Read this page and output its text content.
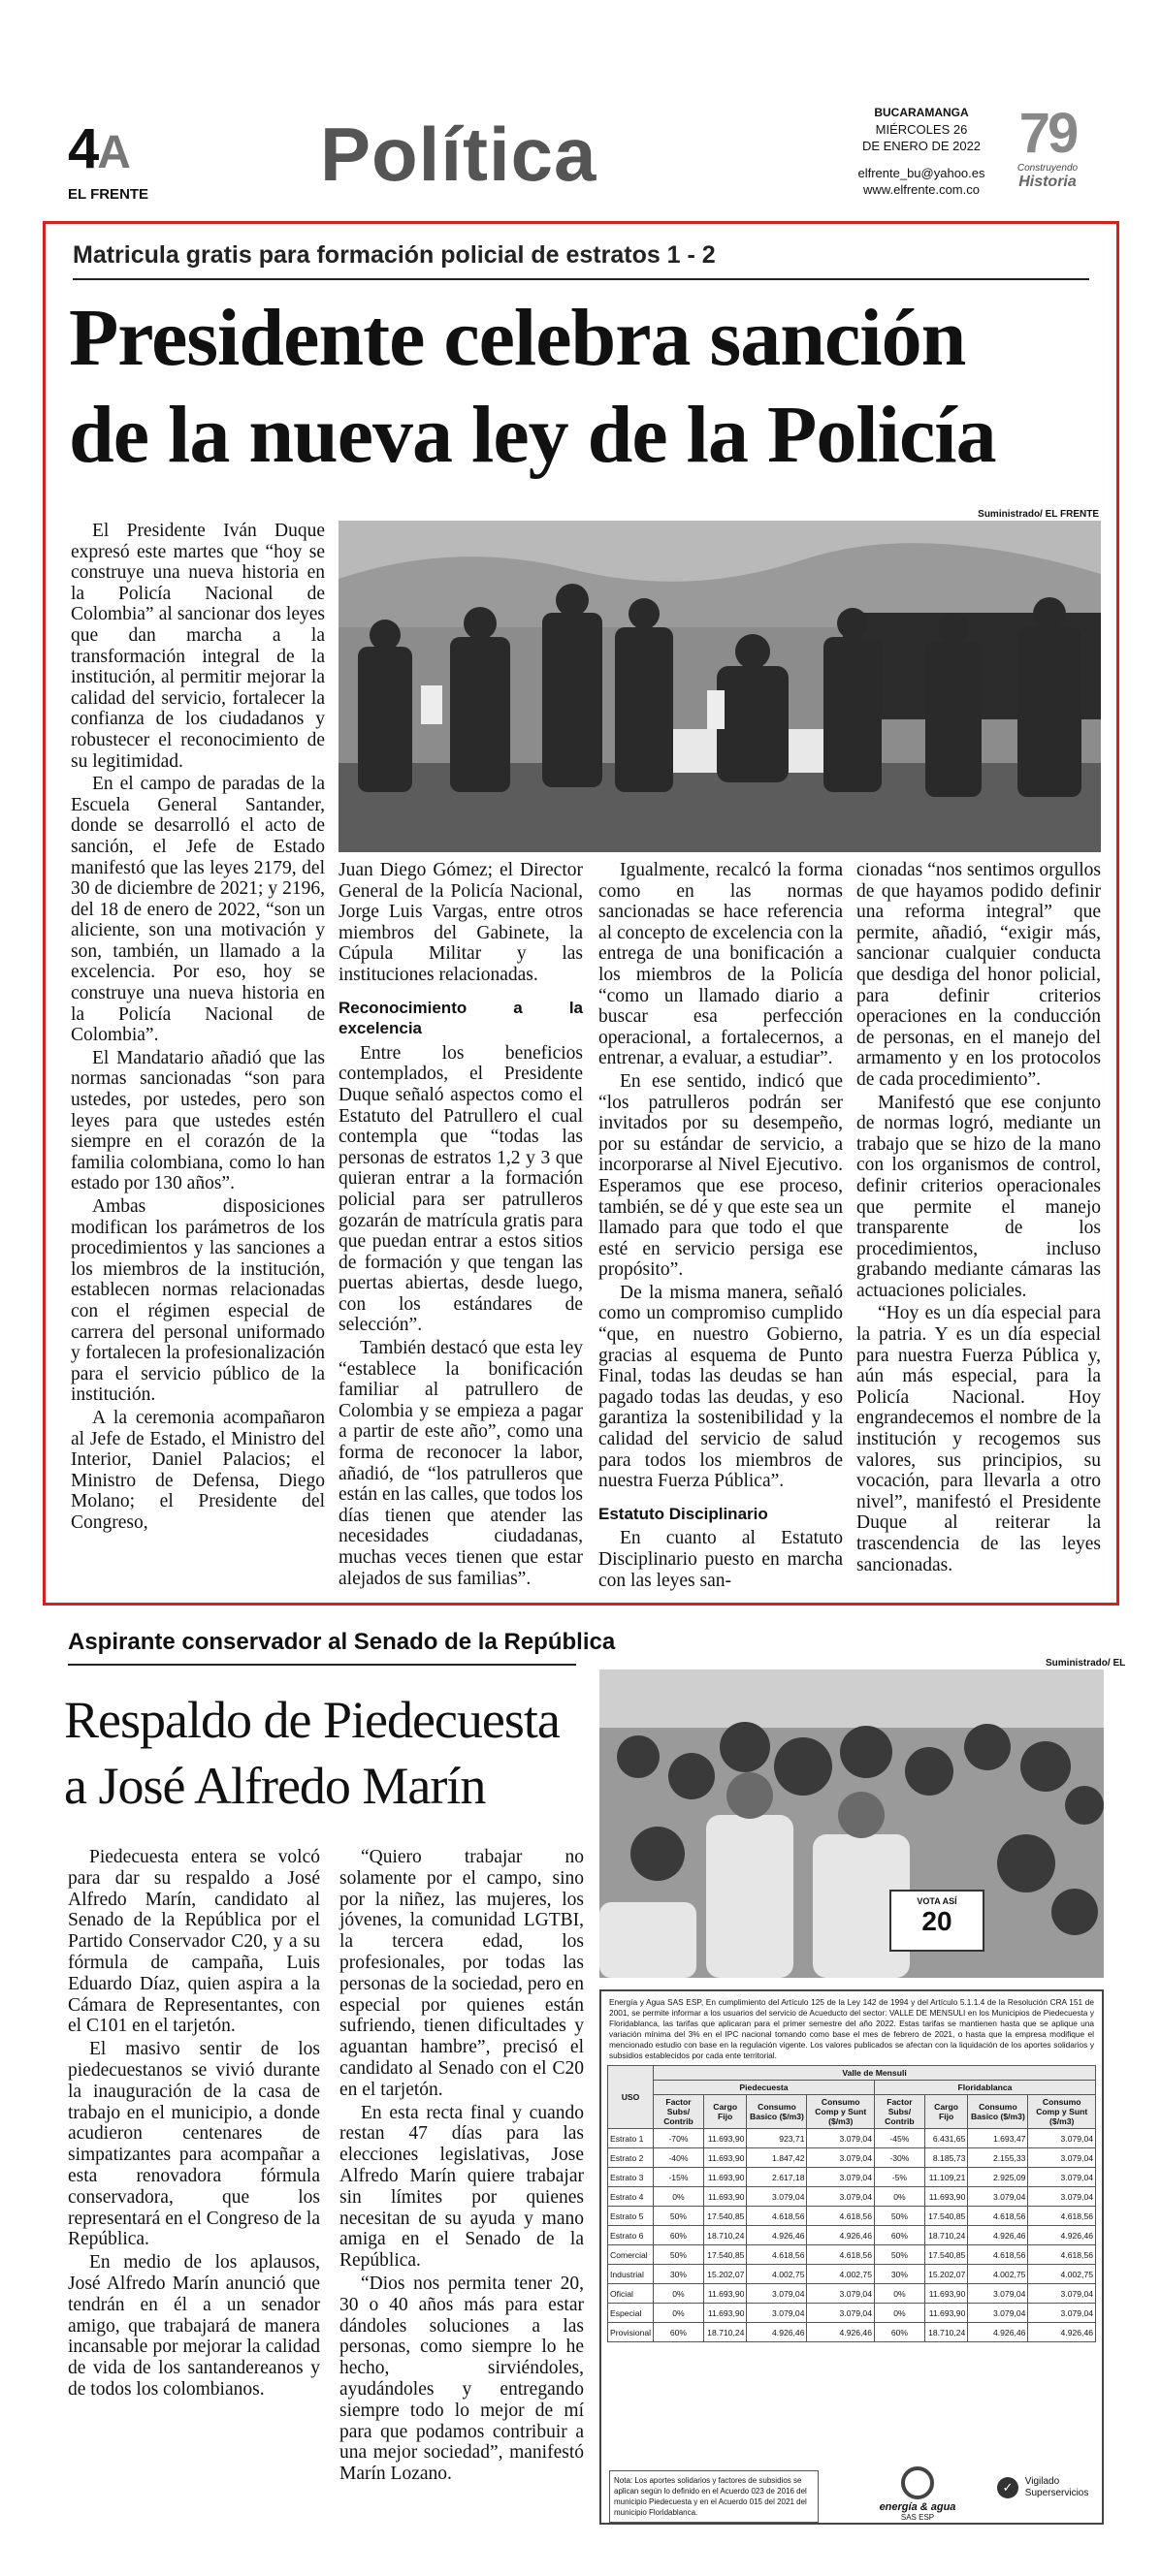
4A
EL FRENTE Política	BUCARAMANGA
MIÉRCOLES 26
DE ENERO DE 2022
elfrente_bu@yahoo.es
www.elfrente.com.co
79
Construyendo
Historia
Matricula gratis para formación policial de estratos 1 - 2
Presidente celebra sanción
de la nueva ley de la Policía
Suministrado/ EL FRENTE

El Presidente Iván Duque expresó este martes que “hoy se construye una nueva historia en la Policía Nacional de Colombia” al sancionar dos leyes que dan marcha a la transformación integral de la institución, al permitir mejorar la calidad del servicio, fortalecer la confianza de los ciudadanos y robustecer el reconocimiento de su legitimidad.

En el campo de paradas de la Escuela General Santander, donde se desarrolló el acto de sanción, el Jefe de Estado manifestó que las leyes 2179, del 30 de diciembre de 2021; y 2196, del 18 de enero de 2022, “son un aliciente, son una motivación y son, también, un llamado a la excelencia. Por eso, hoy se construye una nueva historia en la Policía Nacional de Colombia”.

El Mandatario añadió que las normas sancionadas “son para ustedes, por ustedes, pero son leyes para que ustedes estén siempre en el corazón de la familia colombiana, como lo han estado por 130 años”.

Ambas disposiciones modifican los parámetros de los procedimientos y las sanciones a los miembros de la institución, establecen normas relacionadas con el régimen especial de carrera del personal uniformado y fortalecen la profesionalización para el servicio público de la institución.

A la ceremonia acompañaron al Jefe de Estado, el Ministro del Interior, Daniel Palacios; el Ministro de Defensa, Diego Molano; el Presidente del Congreso,

Juan Diego Gómez; el Director General de la Policía Nacional, Jorge Luis Vargas, entre otros miembros del Gabinete, la Cúpula Militar y las instituciones relacionadas.

Reconocimiento a la excelencia

Entre los beneficios contemplados, el Presidente Duque señaló aspectos como el Estatuto del Patrullero el cual contempla que “todas las personas de estratos 1,2 y 3 que quieran entrar a la formación policial para ser patrulleros gozarán de matrícula gratis para que puedan entrar a estos sitios de formación y que tengan las puertas abiertas, desde luego, con los estándares de selección”.

También destacó que esta ley “establece la bonificación familiar al patrullero de Colombia y se empieza a pagar a partir de este año”, como una forma de reconocer la labor, añadió, de “los patrulleros que están en las calles, que todos los días tienen que atender las necesidades ciudadanas, muchas veces tienen que estar alejados de sus familias”.

Igualmente, recalcó la forma como en las normas sancionadas se hace referencia al concepto de excelencia con la entrega de una bonificación a los miembros de la Policía “como un llamado diario a buscar esa perfección operacional, a fortalecernos, a entrenar, a evaluar, a estudiar”.

En ese sentido, indicó que “los patrulleros podrán ser invitados por su desempeño, por su estándar de servicio, a incorporarse al Nivel Ejecutivo. Esperamos que ese proceso, también, se dé y que este sea un llamado para que todo el que esté en servicio persiga ese propósito”.

De la misma manera, señaló como un compromiso cumplido “que, en nuestro Gobierno, gracias al esquema de Punto Final, todas las deudas se han pagado todas las deudas, y eso garantiza la sostenibilidad y la calidad del servicio de salud para todos los miembros de nuestra Fuerza Pública”.

Estatuto Disciplinario

En cuanto al Estatuto Disciplinario puesto en marcha con las leyes san-

cionadas “nos sentimos orgullos de que hayamos podido definir una reforma integral” que permite, añadió, “exigir más, sancionar cualquier conducta que desdiga del honor policial, para definir criterios operaciones en la conducción de personas, en el manejo del armamento y en los protocolos de cada procedimiento”.

Manifestó que ese conjunto de normas logró, mediante un trabajo que se hizo de la mano con los organismos de control, definir criterios operacionales que permite el manejo transparente de los procedimientos, incluso grabando mediante cámaras las actuaciones policiales.

“Hoy es un día especial para la patria. Y es un día especial para nuestra Fuerza Pública y, aún más especial, para la Policía Nacional. Hoy engrandecemos el nombre de la institución y recogemos sus valores, sus principios, su vocación, para llevarla a otro nivel”, manifestó el Presidente Duque al reiterar la trascendencia de las leyes sancionadas.

Aspirante conservador al Senado de la República
Respaldo de Piedecuesta
a José Alfredo Marín

Piedecuesta entera se volcó para dar su respaldo a José Alfredo Marín, candidato al Senado de la República por el Partido Conservador C20, y a su fórmula de campaña, Luis Eduardo Díaz, quien aspira a la Cámara de Representantes, con el C101 en el tarjetón.

El masivo sentir de los piedecuestanos se vivió durante la inauguración de la casa de trabajo en el municipio, a donde acudieron centenares de simpatizantes para acompañar a esta renovadora fórmula conservadora, que los representará en el Congreso de la República.

En medio de los aplausos, José Alfredo Marín anunció que tendrán en él a un senador amigo, que trabajará de manera incansable por mejorar la calidad de vida de los santandereanos y de todos los colombianos.

“Quiero trabajar no solamente por el campo, sino por la niñez, las mujeres, los jóvenes, la comunidad LGTBI, la tercera edad, los profesionales, por todas las personas de la sociedad, pero en especial por quienes están sufriendo, tienen dificultades y aguantan hambre”, precisó el candidato al Senado con el C20 en el tarjetón.

En esta recta final y cuando restan 47 días para las elecciones legislativas, Jose Alfredo Marín quiere trabajar sin límites por quienes necesitan de su ayuda y mano amiga en el Senado de la República.

“Dios nos permita tener 20, 30 o 40 años más para estar dándoles soluciones a las personas, como siempre lo he hecho, sirviéndoles, ayudándoles y entregando siempre todo lo mejor de mí para que podamos contribuir a una mejor sociedad”, manifestó Marín Lozano.

Suministrado/ EL
VOTA ASÍ
20
Energía y Agua SAS ESP, En cumplimiento del Artículo 125 de la Ley 142 de 1994 y del Artículo 5.1.1.4 de la Resolución CRA 151 de 2001, se permite informar a los usuarios del servicio de Acueducto del sector: VALLE DE MENSULI en los Municipios de Piedecuesta y Floridablanca, las tarifas que aplicaran para el primer semestre del año 2022. Estas tarifas se mantienen hasta que se aplique una variación mínima del 3% en el IPC nacional tomando como base el mes de febrero de 2021, o hasta que la empresa modifique el mencionado estudio con base en la regulación vigente. Los valores publicados se afectan con la liquidación de los aportes solidarios y subsidios establecidos por cada ente territorial.
USO	Valle de Mensuli							
	Piedecuesta				Floridablanca			
	Factor Subs/ Contrib	Cargo Fijo	Consumo Basico ($/m3)	Consumo Comp y Sunt ($/m3)	Factor Subs/ Contrib	Cargo Fijo	Consumo Basico ($/m3)	Consumo Comp y Sunt ($/m3)
Estrato 1	-70%	11.693,90	923,71	3.079,04	-45%	6.431,65	1.693,47	3.079,04
Estrato 2	-40%	11.693,90	1.847,42	3.079,04	-30%	8.185,73	2.155,33	3.079,04
Estrato 3	-15%	11.693,90	2.617,18	3.079,04	-5%	11.109,21	2.925,09	3.079,04
Estrato 4	0%	11.693,90	3.079,04	3.079,04	0%	11.693,90	3.079,04	3.079,04
Estrato 5	50%	17.540,85	4.618,56	4.618,56	50%	17.540,85	4.618,56	4.618,56
Estrato 6	60%	18.710,24	4.926,46	4.926,46	60%	18.710,24	4.926,46	4.926,46
Comercial	50%	17.540,85	4.618,56	4.618,56	50%	17.540,85	4.618,56	4.618,56
Industrial	30%	15.202,07	4.002,75	4.002,75	30%	15.202,07	4.002,75	4.002,75
Oficial	0%	11.693,90	3.079,04	3.079,04	0%	11.693,90	3.079,04	3.079,04
Especial	0%	11.693,90	3.079,04	3.079,04	0%	11.693,90	3.079,04	3.079,04
Provisional	60%	18.710,24	4.926,46	4.926,46	60%	18.710,24	4.926,46	4.926,46
Nota: Los aportes solidarios y factores de subsidios se aplican según lo definido en el Acuerdo 023 de 2016 del municipio Piedecuesta y en el Acuerdo 015 del 2021 del municipio Floridablanca.	energía & agua
SAS ESP
✓ Vigilado
Superservicios
